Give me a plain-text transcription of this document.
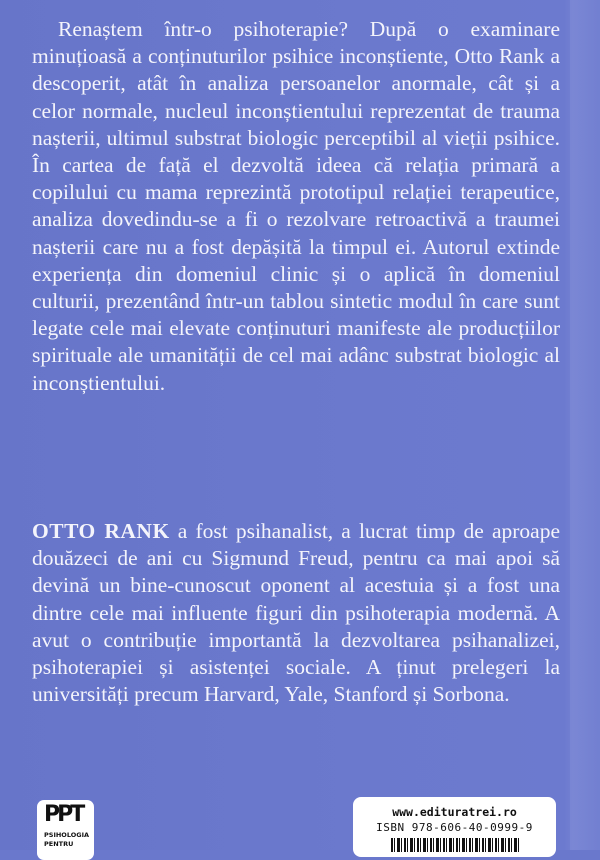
Renaștem într-o psihoterapie? După o examinare minuțioasă a conținuturilor psihice inconștiente, Otto Rank a descoperit, atât în analiza persoanelor anormale, cât și a celor normale, nucleul inconștientului reprezentat de trauma nașterii, ultimul substrat biologic perceptibil al vieții psihice. În cartea de față el dezvoltă ideea că relația primară a copilului cu mama reprezintă prototipul relației terapeutice, analiza dovedindu-se a fi o rezolvare retroactivă a traumei nașterii care nu a fost depășită la timpul ei. Autorul extinde experiența din domeniul clinic și o aplică în domeniul culturii, prezentând într-un tablou sintetic modul în care sunt legate cele mai elevate conținuturi manifeste ale producțiilor spirituale ale umanității de cel mai adânc substrat biologic al inconștientului.

OTTO RANK a fost psihanalist, a lucrat timp de aproape douăzeci de ani cu Sigmund Freud, pentru ca mai apoi să devină un bine-cunoscut oponent al acestuia și a fost una dintre cele mai influente figuri din psihoterapia modernă. A avut o contribuție importantă la dezvoltarea psihanalizei, psihoterapiei și asistenței sociale. A ținut prelegeri la universități precum Harvard, Yale, Stanford și Sorbona.

PPT
PSIHOLOGIA
PENTRU
www.edituratrei.ro
ISBN 978-606-40-0999-9
